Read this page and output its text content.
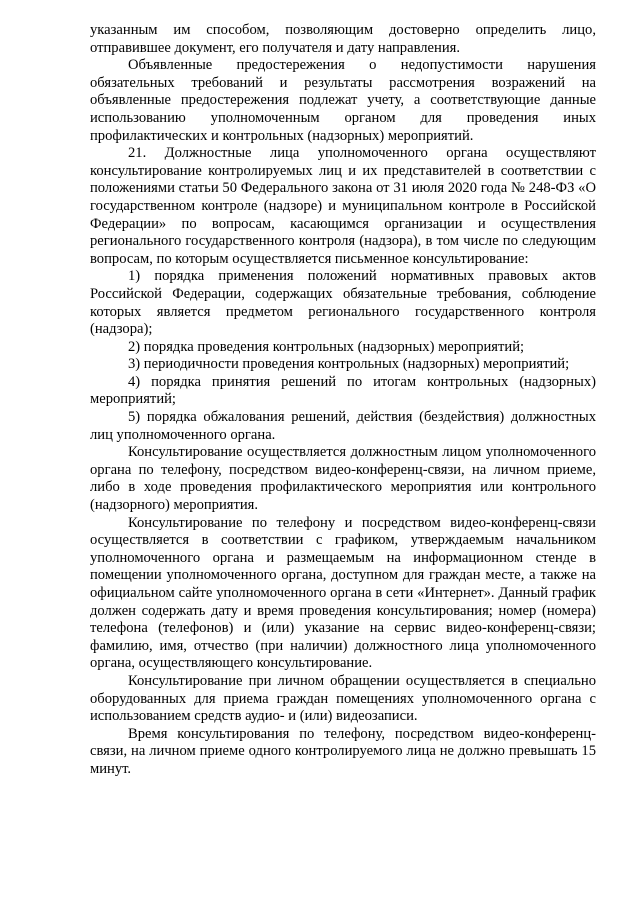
указанным им способом, позволяющим достоверно определить лицо, отправившее документ, его получателя и дату направления.

Объявленные предостережения о недопустимости нарушения обязательных требований и результаты рассмотрения возражений на объявленные предостережения подлежат учету, а соответствующие данные использованию уполномоченным органом для проведения иных профилактических и контрольных (надзорных) мероприятий.

21. Должностные лица уполномоченного органа осуществляют консультирование контролируемых лиц и их представителей в соответствии с положениями статьи 50 Федерального закона от 31 июля 2020 года № 248-ФЗ «О государственном контроле (надзоре) и муниципальном контроле в Российской Федерации» по вопросам, касающимся организации и осуществления регионального государственного контроля (надзора), в том числе по следующим вопросам, по которым осуществляется письменное консультирование:

1) порядка применения положений нормативных правовых актов Российской Федерации, содержащих обязательные требования, соблюдение которых является предметом регионального государственного контроля (надзора);

2) порядка проведения контрольных (надзорных) мероприятий;

3) периодичности проведения контрольных (надзорных) мероприятий;

4) порядка принятия решений по итогам контрольных (надзорных) мероприятий;

5) порядка обжалования решений, действия (бездействия) должностных лиц уполномоченного органа.

Консультирование осуществляется должностным лицом уполномоченного органа по телефону, посредством видео-конференц-связи, на личном приеме, либо в ходе проведения профилактического мероприятия или контрольного (надзорного) мероприятия.

Консультирование по телефону и посредством видео-конференц-связи осуществляется в соответствии с графиком, утверждаемым начальником уполномоченного органа и размещаемым на информационном стенде в помещении уполномоченного органа, доступном для граждан месте, а также на официальном сайте уполномоченного органа в сети «Интернет». Данный график должен содержать дату и время проведения консультирования; номер (номера) телефона (телефонов) и (или) указание на сервис видео-конференц-связи; фамилию, имя, отчество (при наличии) должностного лица уполномоченного органа, осуществляющего консультирование.

Консультирование при личном обращении осуществляется в специально оборудованных для приема граждан помещениях уполномоченного органа с использованием средств аудио- и (или) видеозаписи.

Время консультирования по телефону, посредством видео-конференц-связи, на личном приеме одного контролируемого лица не должно превышать 15 минут.
